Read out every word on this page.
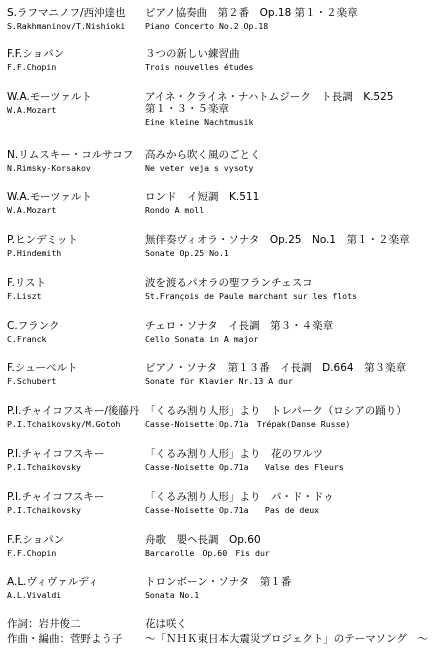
S.ラフマニノフ/西沖達也
S.Rakhmaninov/T.Nishioki
ピアノ協奏曲　第２番　Op.18 第１・２楽章
Piano Concerto No.2 Op.18
F.F.ショパン
F.F.Chopin
３つの新しい練習曲
Trois nouvelles études
W.A.モーツァルト
W.A.Mozart
アイネ・クライネ・ナハトムジーク　ト長調　K.525
第１・３・５楽章
Eine kleine Nachtmusik
N.リムスキー・コルサコフ
N.Rimsky-Korsakov
高みから吹く風のごとく
Ne veter veja s vysoty
W.A.モーツァルト
W.A.Mozart
ロンド　イ短調　K.511
Rondo A moll
P.ヒンデミット
P.Hindemith
無伴奏ヴィオラ・ソナタ　Op.25　No.1　第１・２楽章
Sonate Op.25 No.1
F.リスト
F.Liszt
波を渡るパオラの聖フランチェスコ
St.François de Paule marchant sur les flots
C.フランク
C.Franck
チェロ・ソナタ　イ長調　第３・４楽章
Cello Sonata in A major
F.シューベルト
F.Schubert
ピアノ・ソナタ　第１３番　イ長調　D.664　第３楽章
Sonate für Klavier Nr.13 A dur
P.I.チャイコフスキー/後藤丹
P.I.Tchaikovsky/M.Gotoh
「くるみ割り人形」より　トレパーク（ロシアの踊り）
Casse-Noisette Op.71a　Trépak(Danse Russe)
P.I.チャイコフスキー
P.I.Tchaikovsky
「くるみ割り人形」より　花のワルツ
Casse-Noisette Op.71a　　Valse des Fleurs
P.I.チャイコフスキー
P.I.Tchaikovsky
「くるみ割り人形」より　パ・ド・ドゥ
Casse-Noisette Op.71a　　Pas de deux
F.F.ショパン
F.F.Chopin
舟歌　嬰ヘ長調　Op.60
Barcarolle　Op.60　Fis dur
A.L.ヴィヴァルディ
A.L.Vivaldi
トロンボーン・ソナタ　第１番
Sonata No.1
作詞：岩井俊二	花は咲く
作曲・編曲：菅野よう子 ～「ＮＨＫ東日本大震災プロジェクト」のテーマソング　～
